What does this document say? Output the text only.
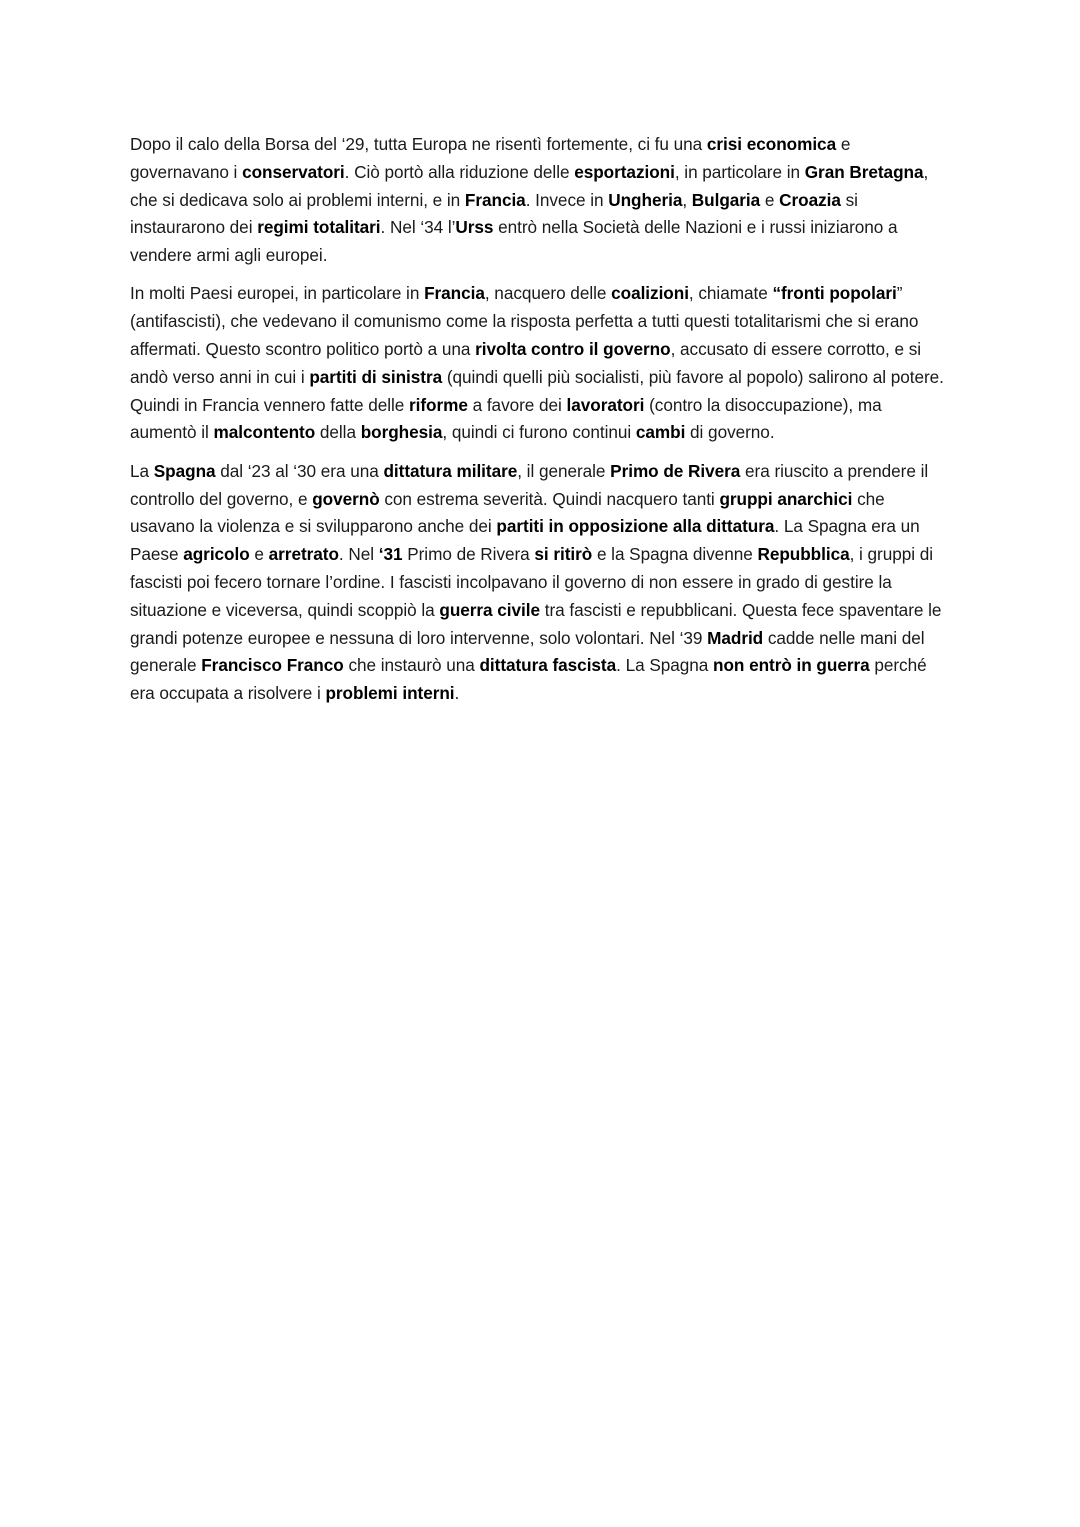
Dopo il calo della Borsa del ‘29, tutta Europa ne risentì fortemente, ci fu una crisi economica e governavano i conservatori. Ciò portò alla riduzione delle esportazioni, in particolare in Gran Bretagna, che si dedicava solo ai problemi interni, e in Francia. Invece in Ungheria, Bulgaria e Croazia si instaurarono dei regimi totalitari. Nel ‘34 l’Urss entrò nella Società delle Nazioni e i russi iniziarono a vendere armi agli europei.

In molti Paesi europei, in particolare in Francia, nacquero delle coalizioni, chiamate “fronti popolari” (antifascisti), che vedevano il comunismo come la risposta perfetta a tutti questi totalitarismi che si erano affermati. Questo scontro politico portò a una rivolta contro il governo, accusato di essere corrotto, e si andò verso anni in cui i partiti di sinistra (quindi quelli più socialisti, più favore al popolo) salirono al potere. Quindi in Francia vennero fatte delle riforme a favore dei lavoratori (contro la disoccupazione), ma aumentò il malcontento della borghesia, quindi ci furono continui cambi di governo.

La Spagna dal ‘23 al ‘30 era una dittatura militare, il generale Primo de Rivera era riuscito a prendere il controllo del governo, e governò con estrema severità. Quindi nacquero tanti gruppi anarchici che usavano la violenza e si svilupparono anche dei partiti in opposizione alla dittatura. La Spagna era un Paese agricolo e arretrato. Nel ‘31 Primo de Rivera si ritirò e la Spagna divenne Repubblica, i gruppi di fascisti poi fecero tornare l’ordine. I fascisti incolpavano il governo di non essere in grado di gestire la situazione e viceversa, quindi scoppiò la guerra civile tra fascisti e repubblicani. Questa fece spaventare le grandi potenze europee e nessuna di loro intervenne, solo volontari. Nel ‘39 Madrid cadde nelle mani del generale Francisco Franco che instaurò una dittatura fascista. La Spagna non entrò in guerra perché era occupata a risolvere i problemi interni.
